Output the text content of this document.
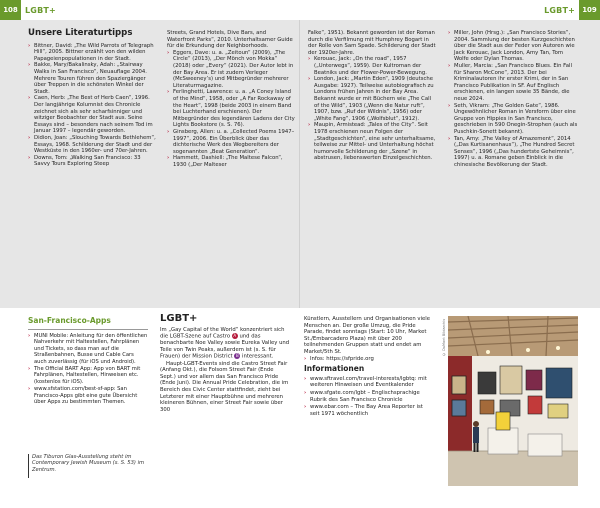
108 LGBT+	LGBT+	109
Unsere Literaturtipps

› Bittner, David: „The Wild Parrots of Telegraph Hill“, 2005. Bittner erzählt von den wilden Papageienpopulationen in der Stadt.

› Bakke, Mary/Bakalinsky, Adah: „Stairway Walks in San Francisco“, Neuauflage 2004. Mehrere Touren führen den Spaziergänger über Treppen in die schönsten Winkel der Stadt.

› Caen, Herb: „The Best of Herb Caen“, 1996. Der langjährige Kolumnist des Chronicle zeichnet sich als sehr scharfsinniger und witziger Beobachter der Stadt aus. Seine Essays sind – besonders nach seinem Tod im Januar 1997 – legendär geworden.

› Didion, Joan: „Slouching Towards Bethlehem“, Essays, 1968. Schilderung der Stadt und der Westküste in den 1960er- und 70er-Jahren.

› Downs, Tom: „Walking San Francisco: 33 Savvy Tours Exploring Steep

Streets, Grand Hotels, Dive Bars, and Waterfront Parks“, 2010. Unterhaltsamer Guide für die Erkundung der Neighborhoods.

› Eggers, Dave: u. a. „Zeitoun“ (2009), „The Circle“ (2013), „Der Mönch von Mokka“ (2018) oder „Every“ (2021). Der Autor lebt in der Bay Area. Er ist zudem Verleger (McSweeney’s) und Mitbegründer mehrerer Literaturmagazine.

› Ferlinghetti, Lawrence: u. a. „A Coney Island of the Mind“, 1958, oder „A Far Rockaway of the Heart“, 1998 (beide 2003 in einem Band bei Luchterhand erschienen). Der Mitbegründer des legendären Ladens der City Lights Bookstore (s. S. 76).

› Ginsberg, Allen: u. a. „Collected Poems 1947–1997“, 2006. Ein Überblick über das dichterische Werk des Wegbereiters der sogenannten „Beat Generation“.

› Hammett, Dashiell: „The Maltese Falcon“, 1930 („Der Malteser

Falke“, 1951). Bekannt geworden ist der Roman durch die Verfilmung mit Humphrey Bogart in der Rolle von Sam Spade. Schilderung der Stadt der 1920er-Jahre.

› Kerouac, Jack: „On the road“, 1957 („Unterwegs“, 1959). Der Kultroman der Beatniks und der Flower-Power-Bewegung.

› London, Jack: „Martin Eden“, 1909 (deutsche Ausgabe: 1927). Teilweise autobiografisch zu Londons frühen Jahren in der Bay Area. Bekannt wurde er mit Büchern wie „The Call of the Wild“, 1903 („Wenn die Natur ruft“, 1907, bzw. „Ruf der Wildnis“, 1956) oder „White Fang“, 1906 („Wolfsblut“, 1912).

› Maupin, Armistead: „Tales of the City“. Seit 1978 erschienen neun Folgen der „Stadtgeschichten“, eine sehr unterhaltsame, teilweise zur Mittel- und Unterhaltung höchst humorvolle Schilderung der „Szene“ in abstrusen, liebenswerten Einzelgeschichten.

› Miller, John (Hrsg.): „San Francisco Stories“, 2004. Sammlung der besten Kurzgeschichten über die Stadt aus der Feder von Autoren wie Jack Kerouac, Jack London, Amy Tan, Tom Wolfe oder Dylan Thomas.

› Muller, Marcia: „San Francisco Blues. Ein Fall für Sharon McCone“, 2013. Der bei Kriminalautoren ihr erster Krimi, der in San Francisco Publikation in SF. Auf Englisch erschienen, ein langen sowie 35 Bände, die neue 2024.

› Seth, Vikram: „The Golden Gate“, 1986. Ungewöhnlicher Roman in Versform über eine Gruppe von Hippies in San Francisco, geschrieben in 590 Onegin-Strophen (auch als Puschkin-Sonett bekannt).

› Tan, Amy: „The Valley of Amazement“, 2014 („Das Kurtisanenhaus“), „The Hundred Secret Senses“, 1996 („Das hundertste Geheimnis“, 1997) u. a. Romane geben Einblick in die chinesische Bevölkerung der Stadt.

San-Francisco-Apps
› MUNI Mobile: Anleitung für den öffentlichen Nahverkehr mit Haltestellen, Fahrplänen und Tickets, so dass man auf die Straßenbahnen, Busse und Cable Cars auch zuverlässig (für iOS und Android).
› The Official BART App: App von BART mit Fahrplänen, Haltestellen, Hinweisen etc. (kostenlos für iOS).
› www.sfstation.com/best-sf-app: San Francisco-Apps gibt eine gute Übersicht über Apps zu bestimmten Themen.
Das Tiburon Glas-Ausstellung steht im Contemporary Jewish Museum (s. S. 53) im Zentrum.
LGBT+

Im „Gay Capital of the World“ konzentriert sich die LGBT-Szene auf Castro A und das benachbarte Noe Valley sowie Eureka Valley und Teile von Twin Peaks, außerdem ist (s. S. für Frauen) der Mission District B interessant.

Haupt-LGBT-Events sind die Castro Street Fair (Anfang Okt.), die Folsom Street Fair (Ende Sept.) und vor allem das San Francisco Pride (Ende Juni). Die Annual Pride Celebration, die im Bereich des Civic Center stattfindet, zieht bei Letzterer mit einer Hauptbühne und mehreren kleineren Bühnen, einer Street Fair sowie über 300

Künstlern, Ausstellern und Organisationen viele Menschen an. Der große Umzug, die Pride Parade, findet sonntags (Start: 10 Uhr, Market St./Embarcadero Plaza) mit über 200 teilnehmenden Gruppen statt und endet am Market/5th St.

› Infos: https://sfpride.org

Informationen

› www.sftravel.com/travel-interests/lgbtq: mit weiteren Hinweisen und Eventkalender

› www.sfgate.com/lgbt – Englischsprachige Rubrik des San Francisco Chronicle

› www.ebar.com – The Bay Area Reporter ist seit 1971 wöchentlich

© DuMont Bildarchiv
